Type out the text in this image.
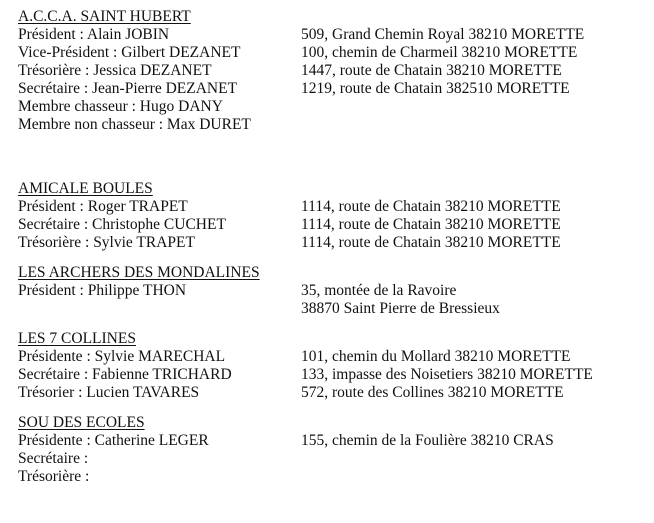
A.C.C.A. SAINT HUBERT
Président : Alain JOBIN	509, Grand Chemin Royal 38210 MORETTE
Vice-Président : Gilbert DEZANET	100, chemin de Charmeil 38210 MORETTE
Trésorière : Jessica DEZANET	1447, route de Chatain 38210 MORETTE
Secrétaire : Jean-Pierre DEZANET	1219, route de Chatain 382510 MORETTE
Membre chasseur : Hugo DANY
Membre non chasseur : Max DURET
AMICALE BOULES
Président : Roger TRAPET	1114, route de Chatain 38210 MORETTE
Secrétaire : Christophe CUCHET	1114, route de Chatain 38210 MORETTE
Trésorière : Sylvie TRAPET	1114, route de Chatain 38210 MORETTE
LES ARCHERS DES MONDALINES
Président : Philippe THON	35, montée de la Ravoire
38870 Saint Pierre de Bressieux
LES 7 COLLINES
Présidente : Sylvie MARECHAL	101, chemin du Mollard 38210 MORETTE
Secrétaire : Fabienne TRICHARD	133, impasse des Noisetiers 38210 MORETTE
Trésorier : Lucien TAVARES	572, route des Collines 38210 MORETTE
SOU DES ECOLES
Présidente : Catherine LEGER	155, chemin de la Foulière 38210 CRAS
Secrétaire :
Trésorière :
